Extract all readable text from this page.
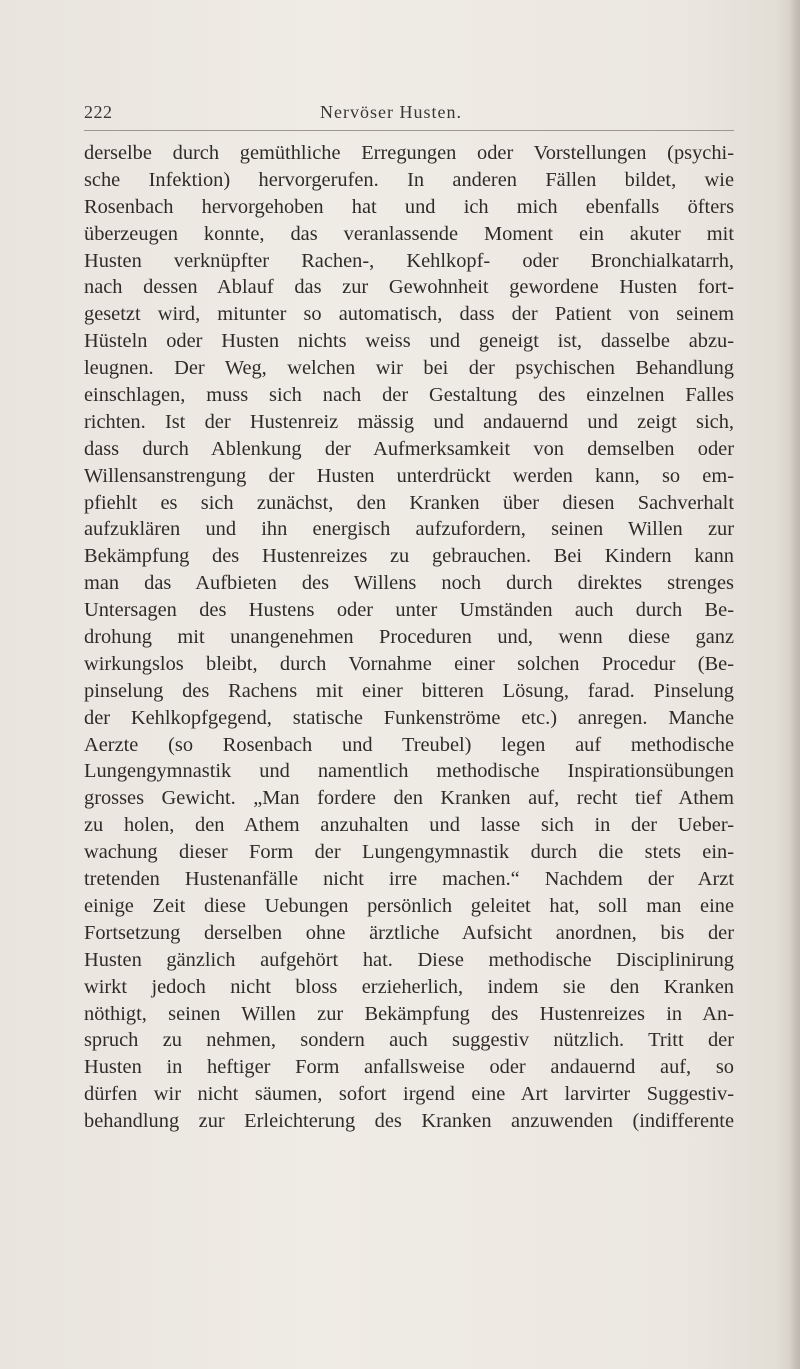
222	Nervöser Husten.
derselbe durch gemüthliche Erregungen oder Vorstellungen (psychi-
sche Infektion) hervorgerufen. In anderen Fällen bildet, wie
Rosenbach hervorgehoben hat und ich mich ebenfalls öfters
überzeugen konnte, das veranlassende Moment ein akuter mit
Husten verknüpfter Rachen-, Kehlkopf- oder Bronchialkatarrh,
nach dessen Ablauf das zur Gewohnheit gewordene Husten fort-
gesetzt wird, mitunter so automatisch, dass der Patient von seinem
Hüsteln oder Husten nichts weiss und geneigt ist, dasselbe abzu-
leugnen. Der Weg, welchen wir bei der psychischen Behandlung
einschlagen, muss sich nach der Gestaltung des einzelnen Falles
richten. Ist der Hustenreiz mässig und andauernd und zeigt sich,
dass durch Ablenkung der Aufmerksamkeit von demselben oder
Willensanstrengung der Husten unterdrückt werden kann, so em-
pfiehlt es sich zunächst, den Kranken über diesen Sachverhalt
aufzuklären und ihn energisch aufzufordern, seinen Willen zur
Bekämpfung des Hustenreizes zu gebrauchen. Bei Kindern kann
man das Aufbieten des Willens noch durch direktes strenges
Untersagen des Hustens oder unter Umständen auch durch Be-
drohung mit unangenehmen Proceduren und, wenn diese ganz
wirkungslos bleibt, durch Vornahme einer solchen Procedur (Be-
pinselung des Rachens mit einer bitteren Lösung, farad. Pinselung
der Kehlkopfgegend, statische Funkenströme etc.) anregen. Manche
Aerzte (so Rosenbach und Treubel) legen auf methodische
Lungengymnastik und namentlich methodische Inspirationsübungen
grosses Gewicht. „Man fordere den Kranken auf, recht tief Athem
zu holen, den Athem anzuhalten und lasse sich in der Ueber-
wachung dieser Form der Lungengymnastik durch die stets ein-
tretenden Hustenanfälle nicht irre machen.“ Nachdem der Arzt
einige Zeit diese Uebungen persönlich geleitet hat, soll man eine
Fortsetzung derselben ohne ärztliche Aufsicht anordnen, bis der
Husten gänzlich aufgehört hat. Diese methodische Disciplinirung
wirkt jedoch nicht bloss erzieherlich, indem sie den Kranken
nöthigt, seinen Willen zur Bekämpfung des Hustenreizes in An-
spruch zu nehmen, sondern auch suggestiv nützlich. Tritt der
Husten in heftiger Form anfallsweise oder andauernd auf, so
dürfen wir nicht säumen, sofort irgend eine Art larvirter Suggestiv-
behandlung zur Erleichterung des Kranken anzuwenden (indifferente
